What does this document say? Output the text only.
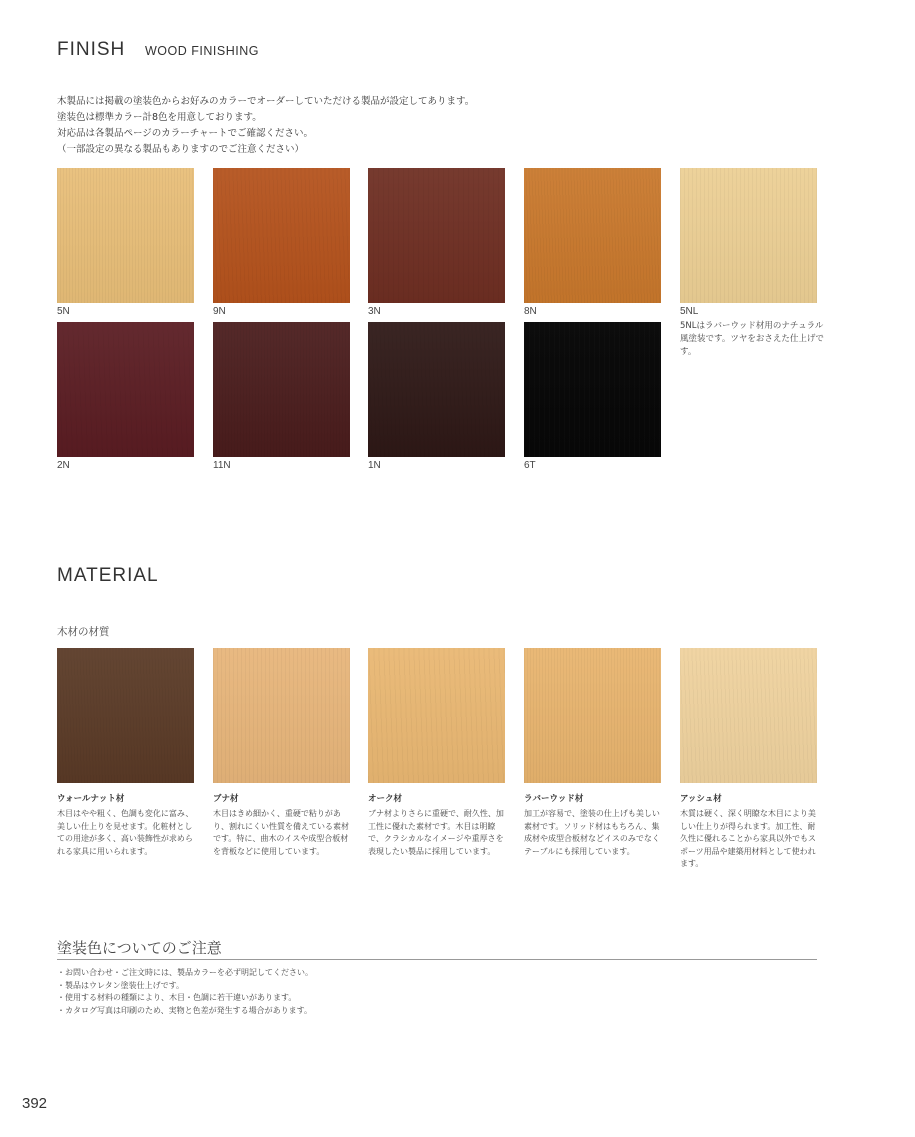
FINISH WOOD FINISHING
木製品には掲載の塗装色からお好みのカラーでオーダーしていただける製品が設定してあります。
塗装色は標準カラー計8色を用意しております。
対応品は各製品ページのカラーチャートでご確認ください。
（一部設定の異なる製品もありますのでご注意ください）
5N	9N	3N	8N	5NL
5NLはラバーウッド材用のナチュラル風塗装です。ツヤをおさえた仕上げです。
2N	11N	1N	6T
MATERIAL
木材の材質
ウォールナット材
木目はやや粗く、色調も変化に富み、美しい仕上りを見せます。化粧材としての用途が多く、高い装飾性が求められる家具に用いられます。
ブナ材
木目はきめ細かく、重硬で粘りがあり、割れにくい性質を備えている素材です。特に、曲木のイスや成型合板材を背板などに使用しています。
オーク材
ブナ材よりさらに重硬で、耐久性、加工性に優れた素材です。木目は明瞭で、クラシカルなイメージや重厚さを表現したい製品に採用しています。
ラバーウッド材
加工が容易で、塗装の仕上げも美しい素材です。ソリッド材はもちろん、集成材や成型合板材などイスのみでなくテーブルにも採用しています。
アッシュ材
木質は硬く、深く明瞭な木目により美しい仕上りが得られます。加工性、耐久性に優れることから家具以外でもスポーツ用品や建築用材料として使われます。
塗装色についてのご注意
・お問い合わせ・ご注文時には、製品カラーを必ず明記してください。
・製品はウレタン塗装仕上げです。
・使用する材料の種類により、木目・色調に若干違いがあります。
・カタログ写真は印刷のため、実物と色差が発生する場合があります。
392
